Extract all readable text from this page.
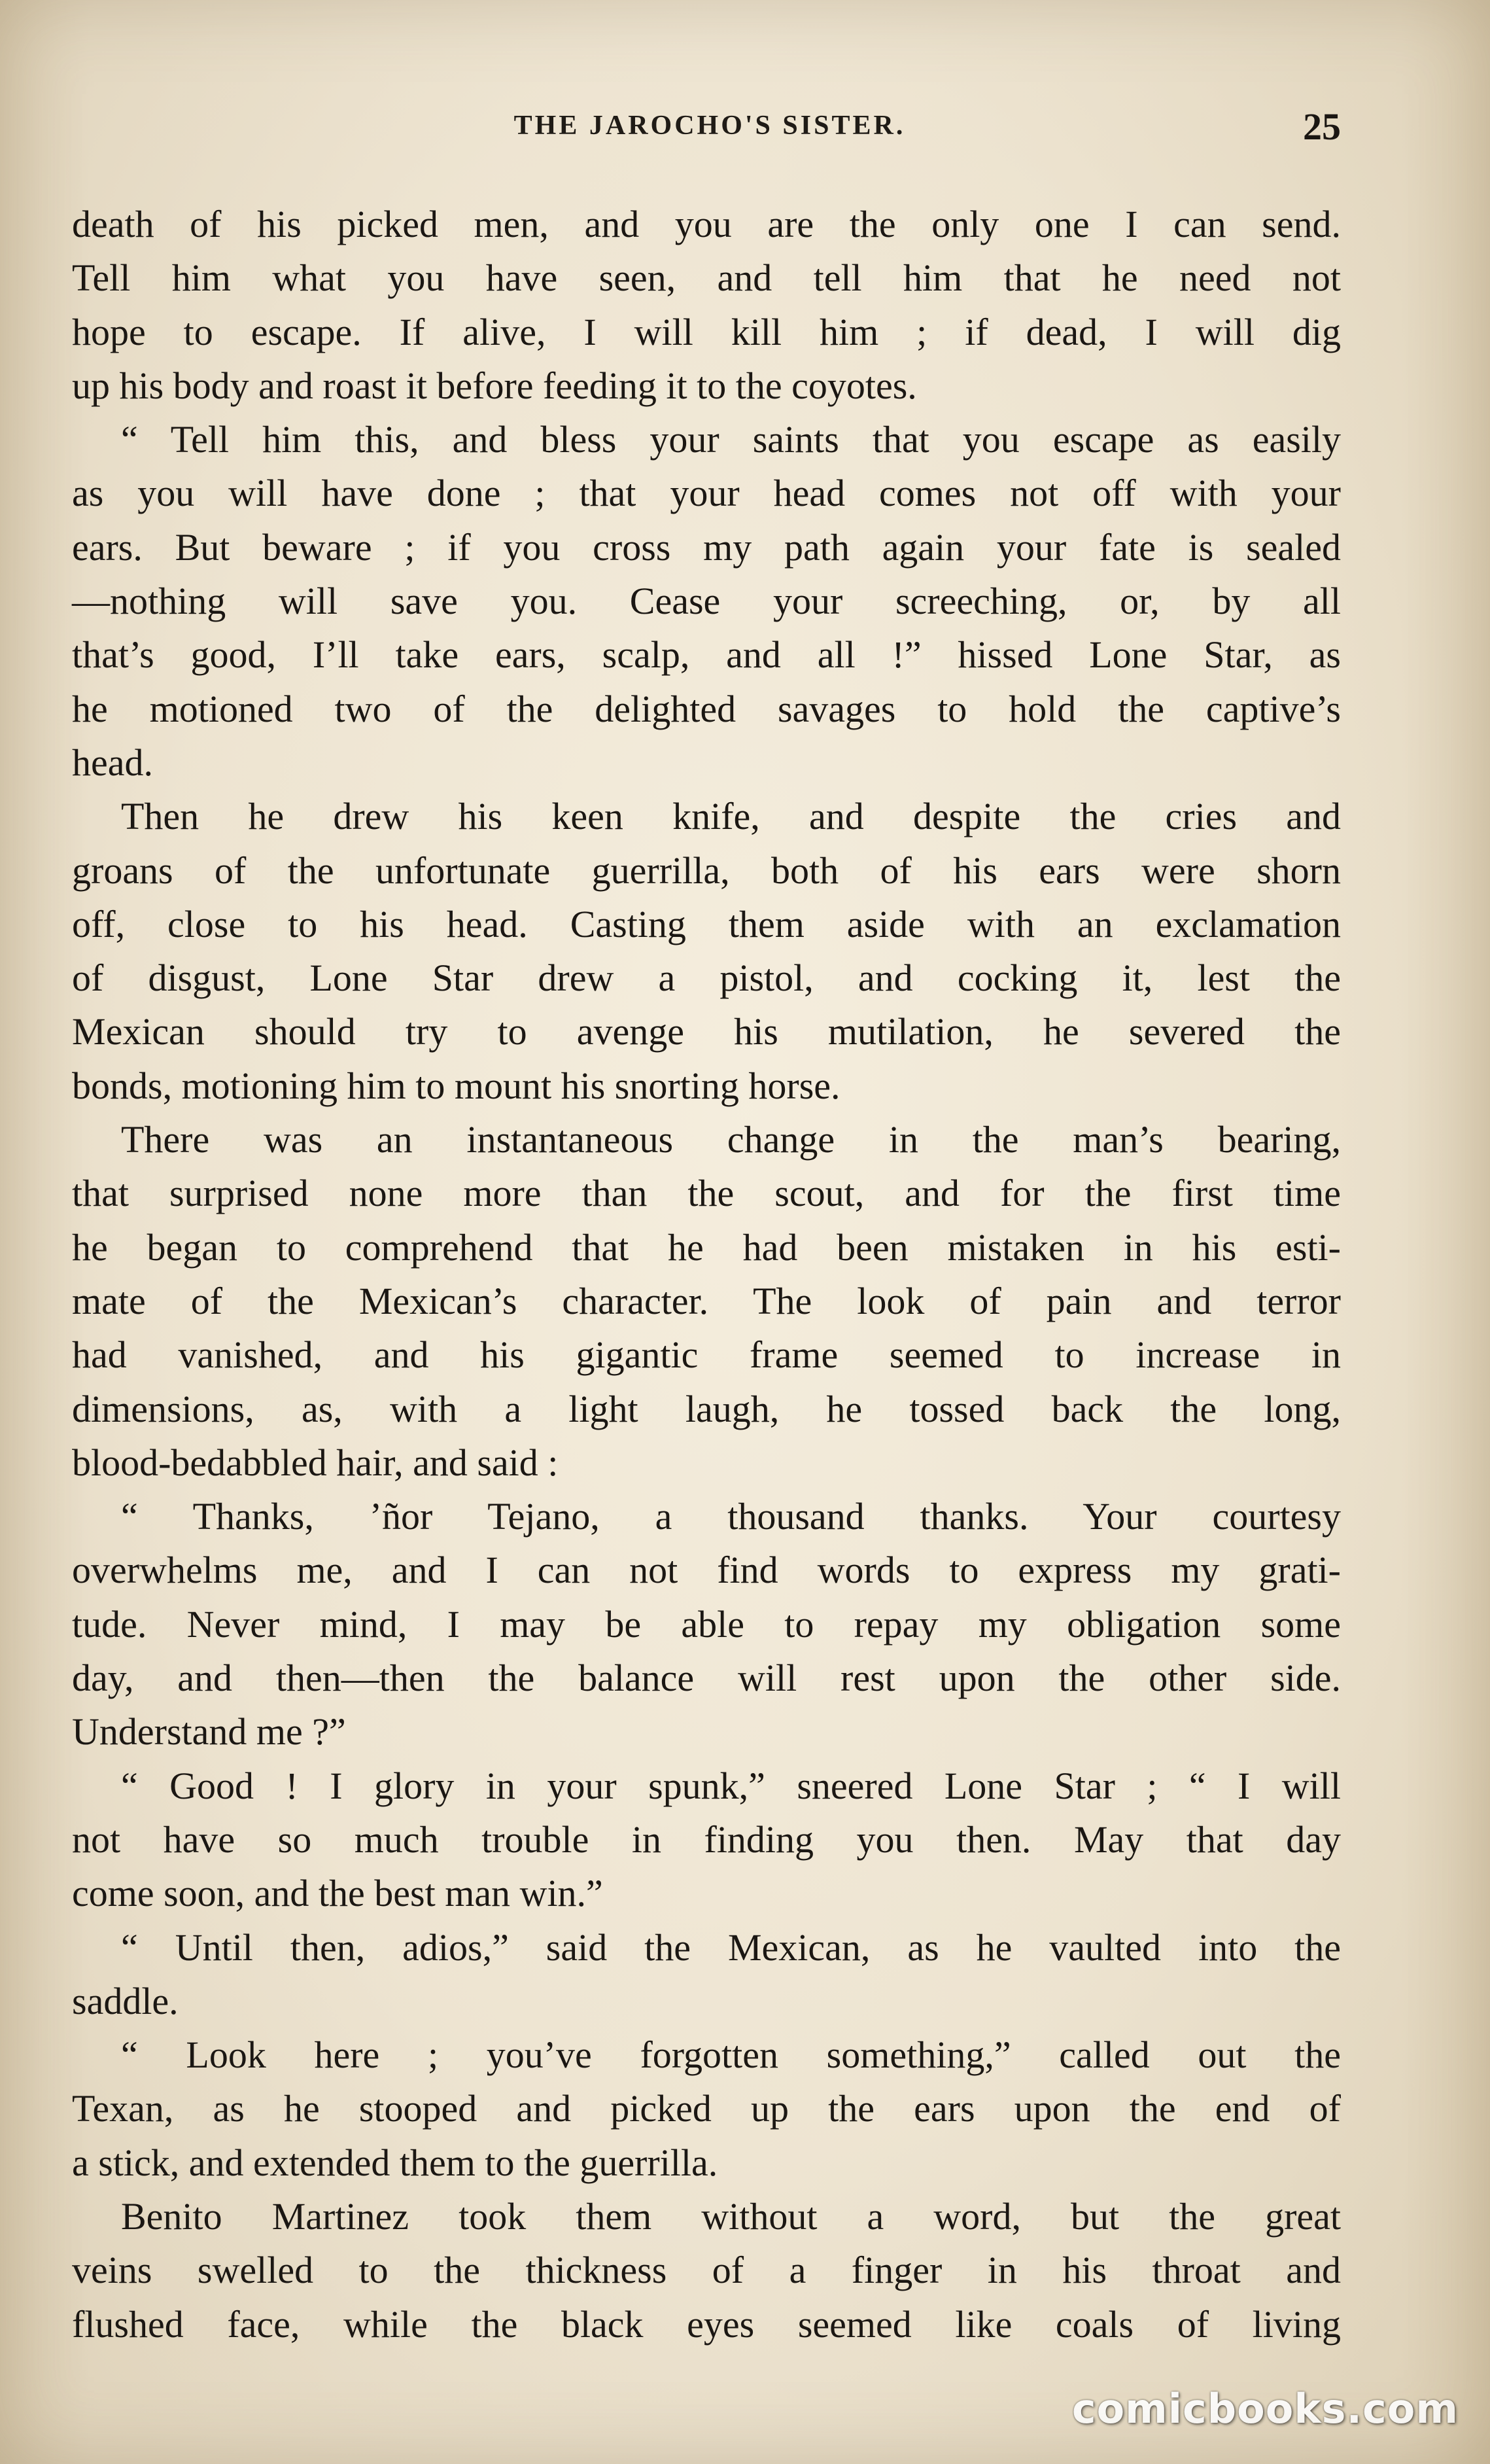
THE JAROCHO'S SISTER.	25
death of his picked men, and you are the only one I can send.
Tell him what you have seen, and tell him that he need not
hope to escape. If alive, I will kill him ; if dead, I will dig
up his body and roast it before feeding it to the coyotes.
“ Tell him this, and bless your saints that you escape as easily
as you will have done ; that your head comes not off with your
ears. But beware ; if you cross my path again your fate is sealed
—nothing will save you. Cease your screeching, or, by all
that’s good, I’ll take ears, scalp, and all !” hissed Lone Star, as
he motioned two of the delighted savages to hold the captive’s
head.
Then he drew his keen knife, and despite the cries and
groans of the unfortunate guerrilla, both of his ears were shorn
off, close to his head. Casting them aside with an exclamation
of disgust, Lone Star drew a pistol, and cocking it, lest the
Mexican should try to avenge his mutilation, he severed the
bonds, motioning him to mount his snorting horse.
There was an instantaneous change in the man’s bearing,
that surprised none more than the scout, and for the first time
he began to comprehend that he had been mistaken in his esti-
mate of the Mexican’s character. The look of pain and terror
had vanished, and his gigantic frame seemed to increase in
dimensions, as, with a light laugh, he tossed back the long,
blood-bedabbled hair, and said :
“ Thanks, ’ñor Tejano, a thousand thanks. Your courtesy
overwhelms me, and I can not find words to express my grati-
tude. Never mind, I may be able to repay my obligation some
day, and then—then the balance will rest upon the other side.
Understand me ?”
“ Good ! I glory in your spunk,” sneered Lone Star ; “ I will
not have so much trouble in finding you then. May that day
come soon, and the best man win.”
“ Until then, adios,” said the Mexican, as he vaulted into the
saddle.
“ Look here ; you’ve forgotten something,” called out the
Texan, as he stooped and picked up the ears upon the end of
a stick, and extended them to the guerrilla.
Benito Martinez took them without a word, but the great
veins swelled to the thickness of a finger in his throat and
flushed face, while the black eyes seemed like coals of living
comicbooks.com
